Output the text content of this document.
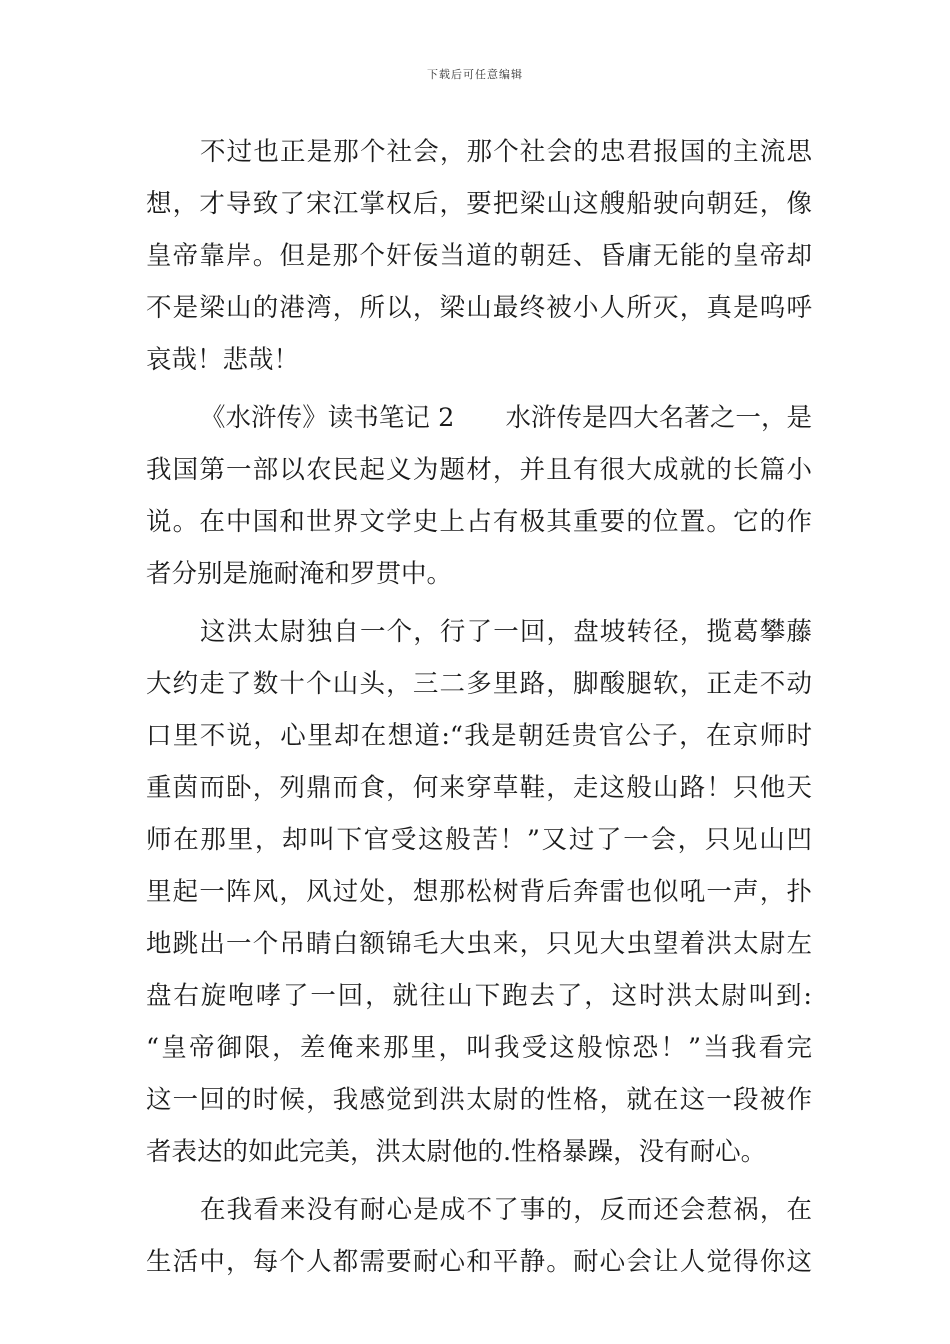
下载后可任意编辑
不过也正是那个社会，那个社会的忠君报国的主流思
想，才导致了宋江掌权后，要把梁山这艘船驶向朝廷，像
皇帝靠岸。但是那个奸佞当道的朝廷、昏庸无能的皇帝却
不是梁山的港湾，所以，梁山最终被小人所灭，真是呜呼
哀哉！悲哉！
《水浒传》读书笔记 2　　水浒传是四大名著之一，是
我国第一部以农民起义为题材，并且有很大成就的长篇小
说。在中国和世界文学史上占有极其重要的位置。它的作
者分别是施耐淹和罗贯中。
这洪太尉独自一个，行了一回，盘坡转径，揽葛攀藤
大约走了数十个山头，三二多里路，脚酸腿软，正走不动
口里不说，心里却在想道:“我是朝廷贵官公子，在京师时
重茵而卧，列鼎而食，何来穿草鞋，走这般山路！只他天
师在那里，却叫下官受这般苦！”又过了一会，只见山凹
里起一阵风，风过处，想那松树背后奔雷也似吼一声，扑
地跳出一个吊睛白额锦毛大虫来，只见大虫望着洪太尉左
盘右旋咆哮了一回，就往山下跑去了，这时洪太尉叫到:
“皇帝御限，差俺来那里，叫我受这般惊恐！”当我看完
这一回的时候，我感觉到洪太尉的性格，就在这一段被作
者表达的如此完美，洪太尉他的.性格暴躁，没有耐心。
在我看来没有耐心是成不了事的，反而还会惹祸，在
生活中，每个人都需要耐心和平静。耐心会让人觉得你这
